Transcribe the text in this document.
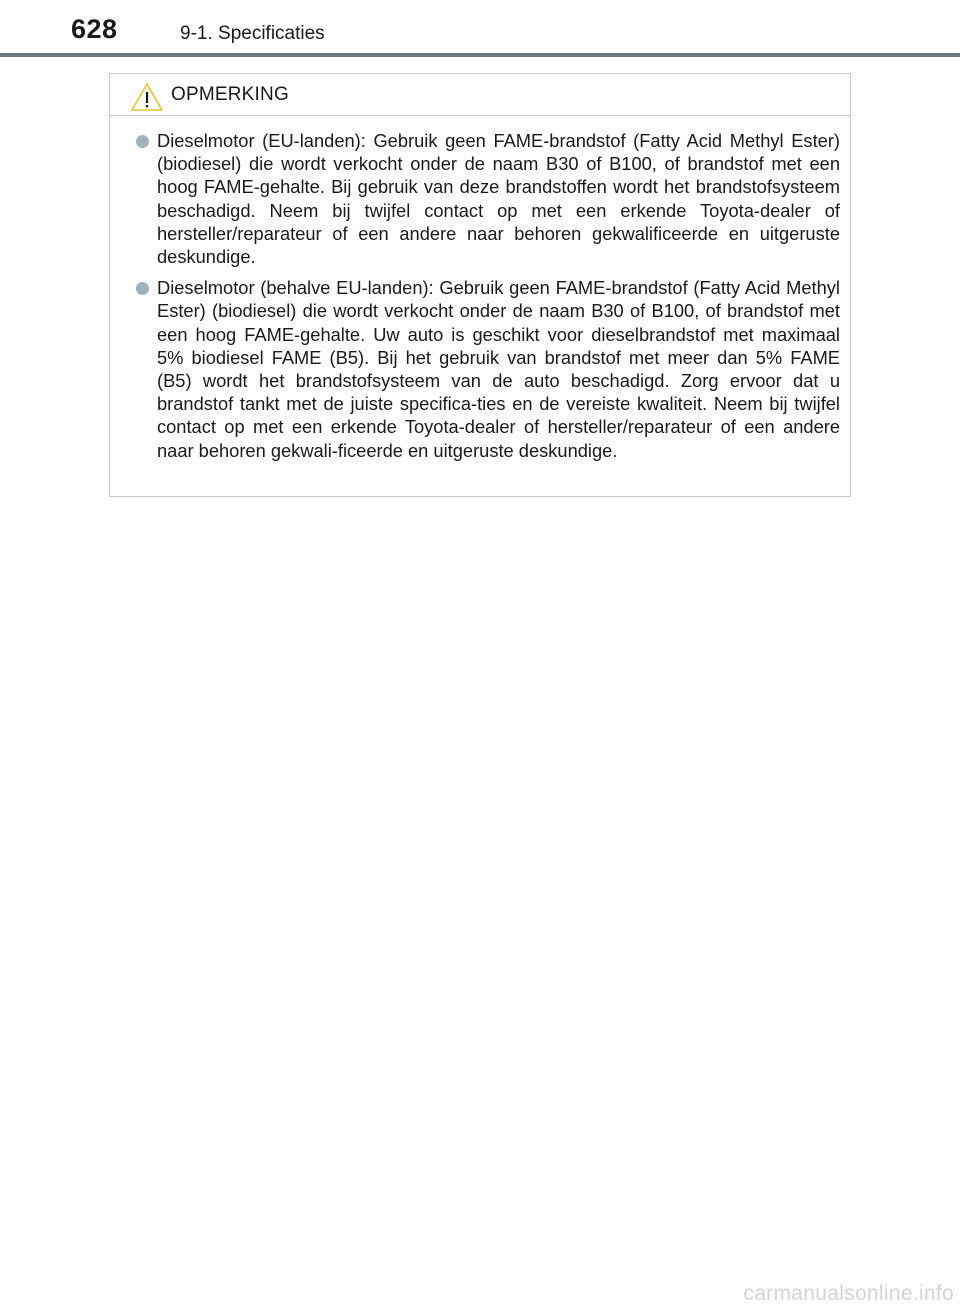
628	9-1. Specificaties
OPMERKING
Dieselmotor (EU-landen): Gebruik geen FAME-brandstof (Fatty Acid Methyl Ester) (biodiesel) die wordt verkocht onder de naam B30 of B100, of brandstof met een hoog FAME-gehalte. Bij gebruik van deze brandstoffen wordt het brandstofsysteem beschadigd. Neem bij twijfel contact op met een erkende Toyota-dealer of hersteller/reparateur of een andere naar behoren gekwalificeerde en uitgeruste deskundige.
Dieselmotor (behalve EU-landen): Gebruik geen FAME-brandstof (Fatty Acid Methyl Ester) (biodiesel) die wordt verkocht onder de naam B30 of B100, of brandstof met een hoog FAME-gehalte. Uw auto is geschikt voor dieselbrandstof met maximaal 5% biodiesel FAME (B5). Bij het gebruik van brandstof met meer dan 5% FAME (B5) wordt het brandstofsysteem van de auto beschadigd. Zorg ervoor dat u brandstof tankt met de juiste specifica-ties en de vereiste kwaliteit. Neem bij twijfel contact op met een erkende Toyota-dealer of hersteller/reparateur of een andere naar behoren gekwali-ficeerde en uitgeruste deskundige.
carmanualsonline.info
